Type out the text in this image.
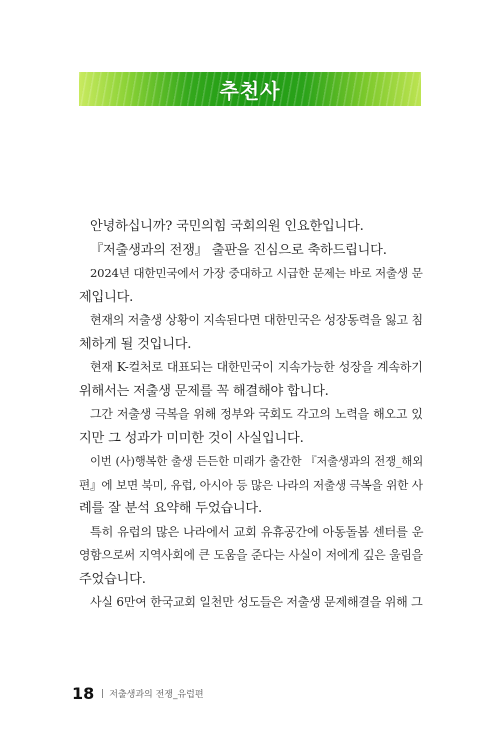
추천사
안녕하십니까? 국민의힘 국회의원 인요한입니다.
『저출생과의 전쟁』 출판을 진심으로 축하드립니다.
2024년 대한민국에서 가장 중대하고 시급한 문제는 바로 저출생 문
제입니다.
현재의 저출생 상황이 지속된다면 대한민국은 성장동력을 잃고 침
체하게 될 것입니다.
현재 K-컬처로 대표되는 대한민국이 지속가능한 성장을 계속하기
위해서는 저출생 문제를 꼭 해결해야 합니다.
그간 저출생 극복을 위해 정부와 국회도 각고의 노력을 해오고 있
지만 그 성과가 미미한 것이 사실입니다.
이번 (사)행복한 출생 든든한 미래가 출간한 『저출생과의 전쟁_해외
편』에 보면 북미, 유럽, 아시아 등 많은 나라의 저출생 극복을 위한 사
례를 잘 분석 요약해 두었습니다.
특히 유럽의 많은 나라에서 교회 유휴공간에 아동돌봄 센터를 운
영함으로써 지역사회에 큰 도움을 준다는 사실이 저에게 깊은 울림을
주었습니다.
사실 6만여 한국교회 일천만 성도들은 저출생 문제해결을 위해 그
18 저출생과의 전쟁_유럽편
